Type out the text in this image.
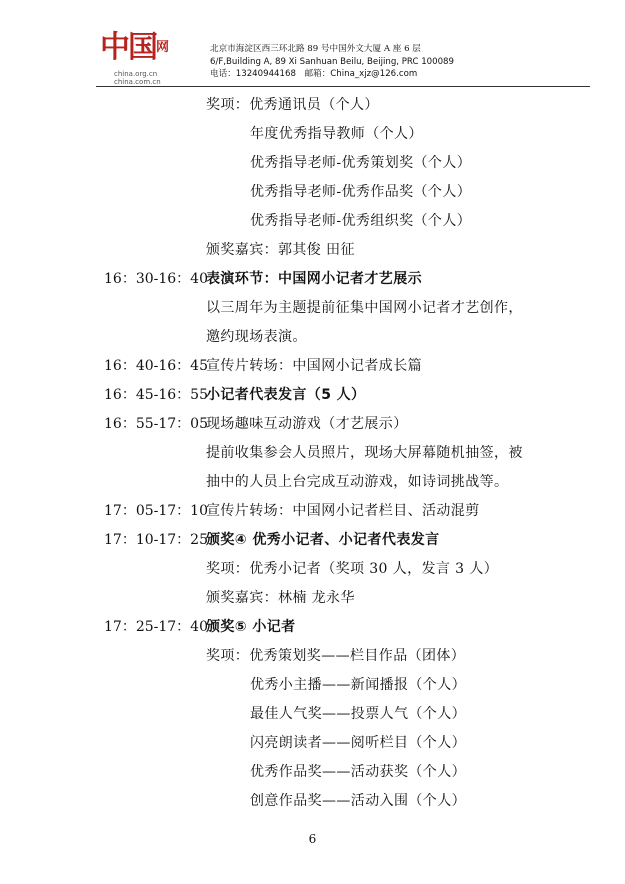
中国$^网$
china.org.cn
china.com.cn
北京市海淀区西三环北路 89 号中国外文大厦 A 座 6 层
6/F,Building A, 89 Xi Sanhuan Beilu, Beijing, PRC 100089
电话：13240944168　邮箱：China_xjz@126.com
奖项：优秀通讯员（个人）
年度优秀指导教师（个人）
优秀指导老师-优秀策划奖（个人）
优秀指导老师-优秀作品奖（个人）
优秀指导老师-优秀组织奖（个人）
颁奖嘉宾：郭其俊 田征
16：30-16：40
表演环节：中国网小记者才艺展示
以三周年为主题提前征集中国网小记者才艺创作，
邀约现场表演。
16：40-16：45
宣传片转场：中国网小记者成长篇
16：45-16：55
小记者代表发言（5 人）
16：55-17：05
现场趣味互动游戏（才艺展示）
提前收集参会人员照片，现场大屏幕随机抽签，被
抽中的人员上台完成互动游戏，如诗词挑战等。
17：05-17：10
宣传片转场：中国网小记者栏目、活动混剪
17：10-17：25
颁奖④ 优秀小记者、小记者代表发言
奖项：优秀小记者（奖项 30 人，发言 3 人）
颁奖嘉宾：林楠 龙永华
17：25-17：40
颁奖⑤ 小记者
奖项：优秀策划奖——栏目作品（团体）
优秀小主播——新闻播报（个人）
最佳人气奖——投票人气（个人）
闪亮朗读者——阅听栏目（个人）
优秀作品奖——活动获奖（个人）
创意作品奖——活动入围（个人）
6
